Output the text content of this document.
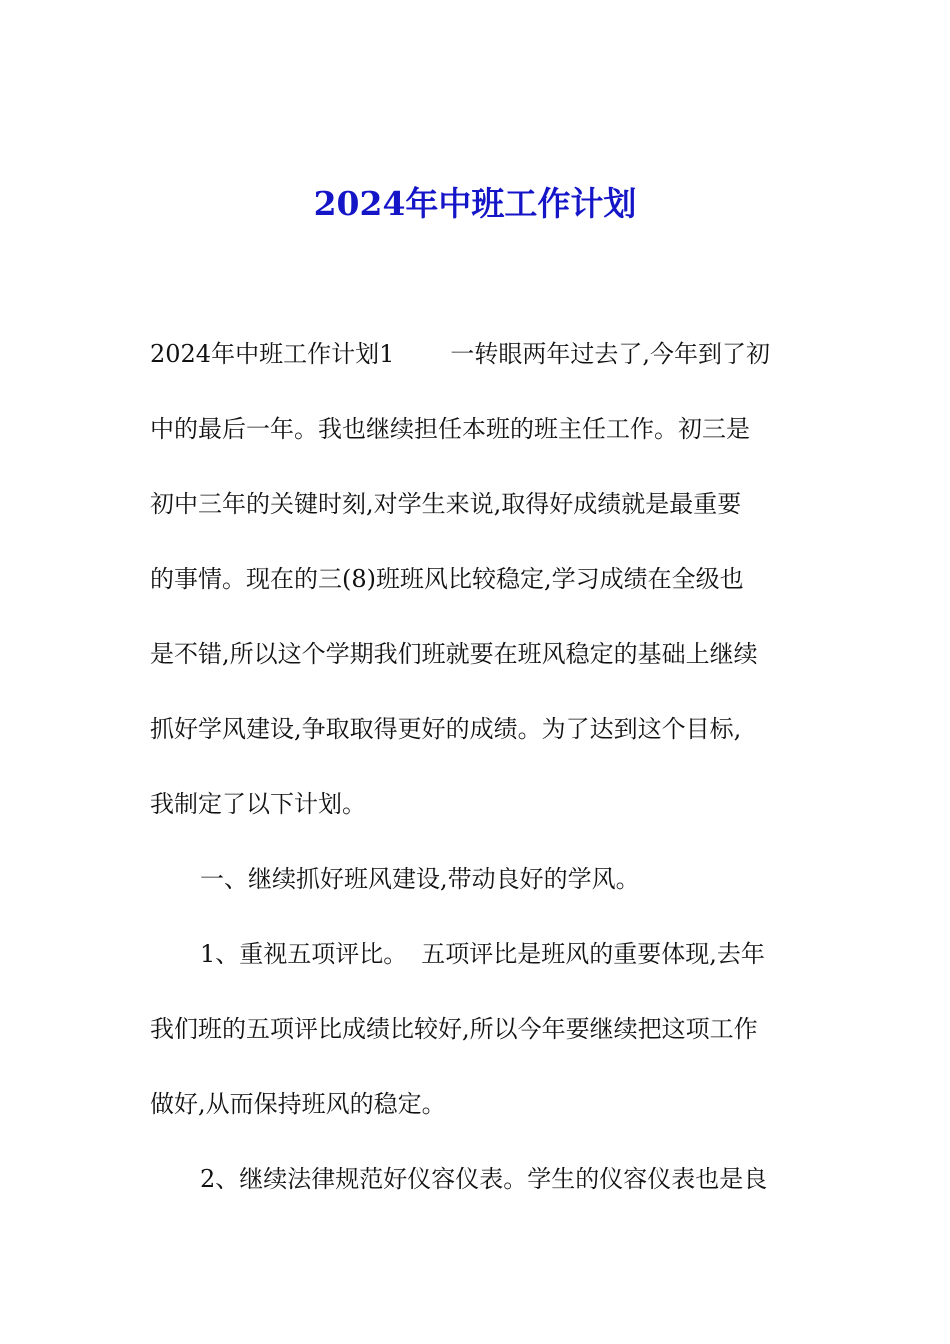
2024年中班工作计划
2024年中班工作计划1 一转眼两年过去了,今年到了初
中的最后一年。我也继续担任本班的班主任工作。初三是
初中三年的关键时刻,对学生来说,取得好成绩就是最重要
的事情。现在的三(8)班班风比较稳定,学习成绩在全级也
是不错,所以这个学期我们班就要在班风稳定的基础上继续
抓好学风建设,争取取得更好的成绩。为了达到这个目标,
我制定了以下计划。
一、继续抓好班风建设,带动良好的学风。
1、重视五项评比。 五项评比是班风的重要体现,去年
我们班的五项评比成绩比较好,所以今年要继续把这项工作
做好,从而保持班风的稳定。
2、继续法律规范好仪容仪表。学生的仪容仪表也是良
